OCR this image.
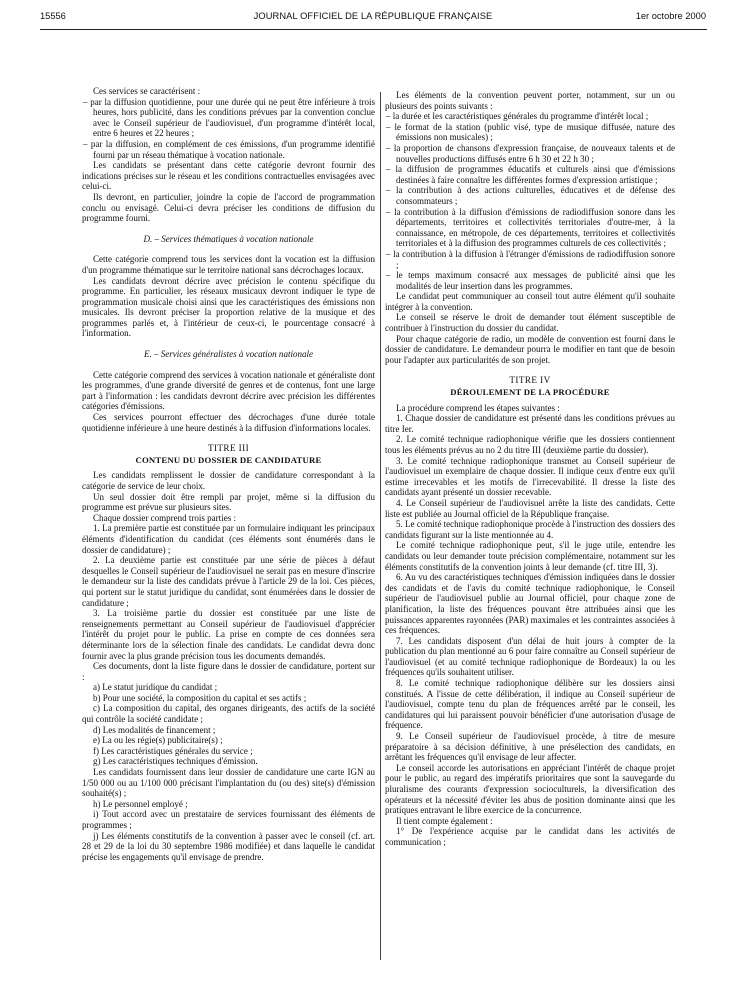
15556	JOURNAL OFFICIEL DE LA RÉPUBLIQUE FRANÇAISE	1er octobre 2000

Ces services se caractérisent :

– par la diffusion quotidienne, pour une durée qui ne peut être inférieure à trois heures, hors publicité, dans les conditions prévues par la convention conclue avec le Conseil supérieur de l'audiovisuel, d'un programme d'intérêt local, entre 6 heures et 22 heures ;

– par la diffusion, en complément de ces émissions, d'un programme identifié fourni par un réseau thématique à vocation nationale.

Les candidats se présentant dans cette catégorie devront fournir des indications précises sur le réseau et les conditions contractuelles envisagées avec celui-ci.

Ils devront, en particulier, joindre la copie de l'accord de programmation conclu ou envisagé. Celui-ci devra préciser les conditions de diffusion du programme fourni.

D. – Services thématiques à vocation nationale

Cette catégorie comprend tous les services dont la vocation est la diffusion d'un programme thématique sur le territoire national sans décrochages locaux.

Les candidats devront décrire avec précision le contenu spécifique du programme. En particulier, les réseaux musicaux devront indiquer le type de programmation musicale choisi ainsi que les caractéristiques des émissions non musicales. Ils devront préciser la proportion relative de la musique et des programmes parlés et, à l'intérieur de ceux-ci, le pourcentage consacré à l'information.

E. – Services généralistes à vocation nationale

Cette catégorie comprend des services à vocation nationale et généraliste dont les programmes, d'une grande diversité de genres et de contenus, font une large part à l'information : les candidats devront décrire avec précision les différentes catégories d'émissions.

Ces services pourront effectuer des décrochages d'une durée totale quotidienne inférieure à une heure destinés à la diffusion d'informations locales.

TITRE III

CONTENU DU DOSSIER DE CANDIDATURE

Les candidats remplissent le dossier de candidature correspondant à la catégorie de service de leur choix.

Un seul dossier doit être rempli par projet, même si la diffusion du programme est prévue sur plusieurs sites.

Chaque dossier comprend trois parties :

1. La première partie est constituée par un formulaire indiquant les principaux éléments d'identification du candidat (ces éléments sont énumérés dans le dossier de candidature) ;

2. La deuxième partie est constituée par une série de pièces à défaut desquelles le Conseil supérieur de l'audiovisuel ne serait pas en mesure d'inscrire le demandeur sur la liste des candidats prévue à l'article 29 de la loi. Ces pièces, qui portent sur le statut juridique du candidat, sont énumérées dans le dossier de candidature ;

3. La troisième partie du dossier est constituée par une liste de renseignements permettant au Conseil supérieur de l'audiovisuel d'apprécier l'intérêt du projet pour le public. La prise en compte de ces données sera déterminante lors de la sélection finale des candidats. Le candidat devra donc fournir avec la plus grande précision tous les documents demandés.

Ces documents, dont la liste figure dans le dossier de candidature, portent sur :

a) Le statut juridique du candidat ;

b) Pour une société, la composition du capital et ses actifs ;

c) La composition du capital, des organes dirigeants, des actifs de la société qui contrôle la société candidate ;

d) Les modalités de financement ;

e) La ou les régie(s) publicitaire(s) ;

f) Les caractéristiques générales du service ;

g) Les caractéristiques techniques d'émission.

Les candidats fournissent dans leur dossier de candidature une carte IGN au 1/50 000 ou au 1/100 000 précisant l'implantation du (ou des) site(s) d'émission souhaité(s) ;

h) Le personnel employé ;

i) Tout accord avec un prestataire de services fournissant des éléments de programmes ;

j) Les éléments constitutifs de la convention à passer avec le conseil (cf. art. 28 et 29 de la loi du 30 septembre 1986 modifiée) et dans laquelle le candidat précise les engagements qu'il envisage de prendre.

Les éléments de la convention peuvent porter, notamment, sur un ou plusieurs des points suivants :

– la durée et les caractéristiques générales du programme d'intérêt local ;

– le format de la station (public visé, type de musique diffusée, nature des émissions non musicales) ;

– la proportion de chansons d'expression française, de nouveaux talents et de nouvelles productions diffusés entre 6 h 30 et 22 h 30 ;

– la diffusion de programmes éducatifs et culturels ainsi que d'émissions destinées à faire connaître les différentes formes d'expression artistique ;

– la contribution à des actions culturelles, éducatives et de défense des consommateurs ;

– la contribution à la diffusion d'émissions de radiodiffusion sonore dans les départements, territoires et collectivités territoriales d'outre-mer, à la connaissance, en métropole, de ces départements, territoires et collectivités territoriales et à la diffusion des programmes culturels de ces collectivités ;

– la contribution à la diffusion à l'étranger d'émissions de radiodiffusion sonore ;

– le temps maximum consacré aux messages de publicité ainsi que les modalités de leur insertion dans les programmes.

Le candidat peut communiquer au conseil tout autre élément qu'il souhaite intégrer à la convention.

Le conseil se réserve le droit de demander tout élément susceptible de contribuer à l'instruction du dossier du candidat.

Pour chaque catégorie de radio, un modèle de convention est fourni dans le dossier de candidature. Le demandeur pourra le modifier en tant que de besoin pour l'adapter aux particularités de son projet.

TITRE IV

DÉROULEMENT DE LA PROCÉDURE

La procédure comprend les étapes suivantes :

1. Chaque dossier de candidature est présenté dans les conditions prévues au titre Ier.

2. Le comité technique radiophonique vérifie que les dossiers contiennent tous les éléments prévus au no 2 du titre III (deuxième partie du dossier).

3. Le comité technique radiophonique transmet au Conseil supérieur de l'audiovisuel un exemplaire de chaque dossier. Il indique ceux d'entre eux qu'il estime irrecevables et les motifs de l'irrecevabilité. Il dresse la liste des candidats ayant présenté un dossier recevable.

4. Le Conseil supérieur de l'audiovisuel arrête la liste des candidats. Cette liste est publiée au Journal officiel de la République française.

5. Le comité technique radiophonique procède à l'instruction des dossiers des candidats figurant sur la liste mentionnée au 4.

Le comité technique radiophonique peut, s'il le juge utile, entendre les candidats ou leur demander toute précision complémentaire, notamment sur les éléments constitutifs de la convention joints à leur demande (cf. titre III, 3).

6. Au vu des caractéristiques techniques d'émission indiquées dans le dossier des candidats et de l'avis du comité technique radiophonique, le Conseil supérieur de l'audiovisuel publie au Journal officiel, pour chaque zone de planification, la liste des fréquences pouvant être attribuées ainsi que les puissances apparentes rayonnées (PAR) maximales et les contraintes associées à ces fréquences.

7. Les candidats disposent d'un délai de huit jours à compter de la publication du plan mentionné au 6 pour faire connaître au Conseil supérieur de l'audiovisuel (et au comité technique radiophonique de Bordeaux) la ou les fréquences qu'ils souhaitent utiliser.

8. Le comité technique radiophonique délibère sur les dossiers ainsi constitués. A l'issue de cette délibération, il indique au Conseil supérieur de l'audiovisuel, compte tenu du plan de fréquences arrêté par le conseil, les candidatures qui lui paraissent pouvoir bénéficier d'une autorisation d'usage de fréquence.

9. Le Conseil supérieur de l'audiovisuel procède, à titre de mesure préparatoire à sa décision définitive, à une présélection des candidats, en arrêtant les fréquences qu'il envisage de leur affecter.

Le conseil accorde les autorisations en appréciant l'intérêt de chaque projet pour le public, au regard des impératifs prioritaires que sont la sauvegarde du pluralisme des courants d'expression socioculturels, la diversification des opérateurs et la nécessité d'éviter les abus de position dominante ainsi que les pratiques entravant le libre exercice de la concurrence.

Il tient compte également :

1° De l'expérience acquise par le candidat dans les activités de communication ;
